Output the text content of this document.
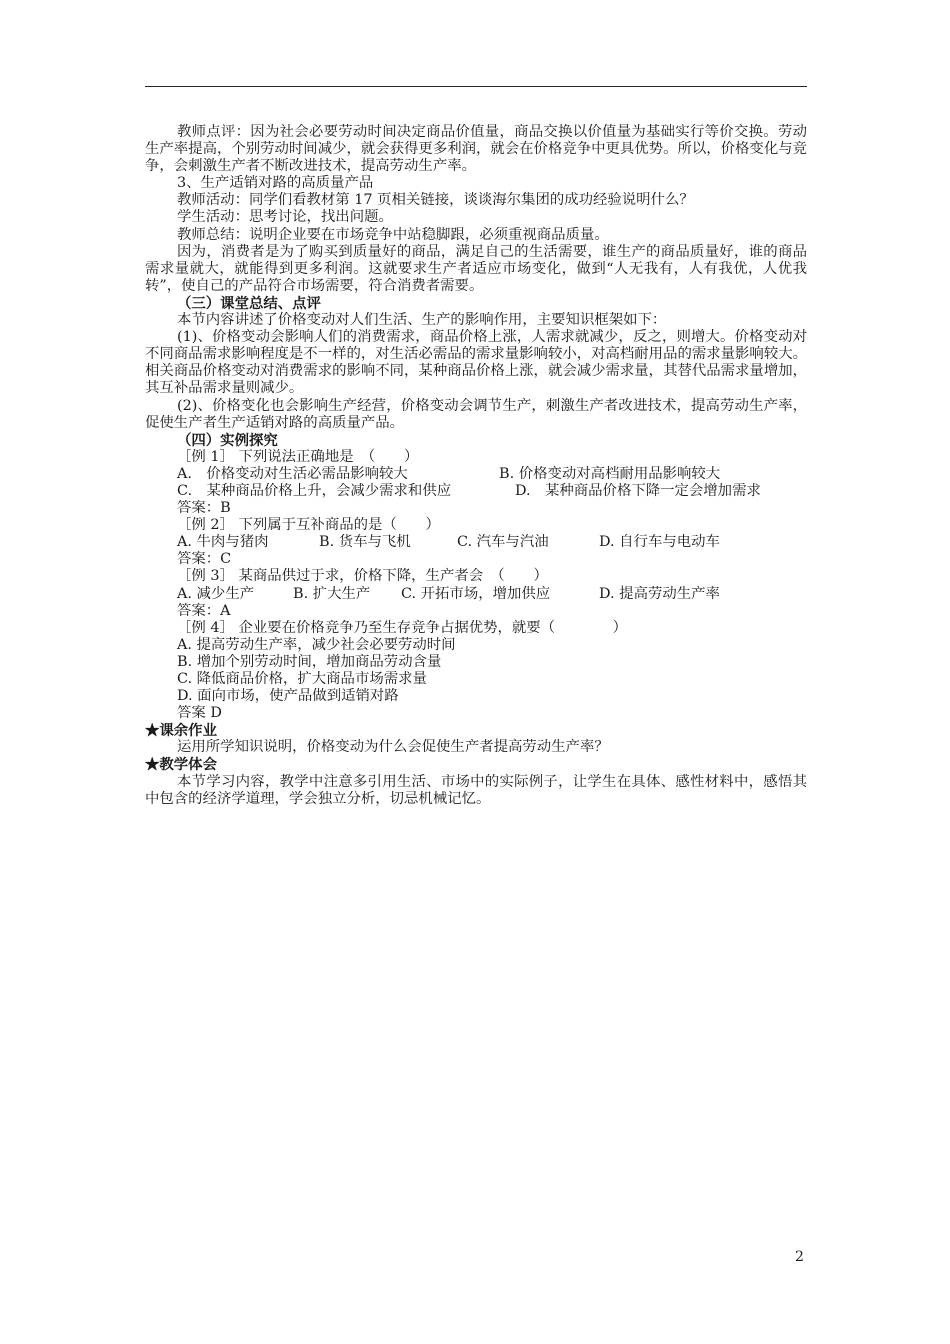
教师点评：因为社会必要劳动时间决定商品价值量，商品交换以价值量为基础实行等价交换。劳动生产率提高，个别劳动时间减少，就会获得更多利润，就会在价格竞争中更具优势。所以，价格变化与竞争，会刺激生产者不断改进技术，提高劳动生产率。

3、生产适销对路的高质量产品

教师活动：同学们看教材第 17 页相关链接，谈谈海尔集团的成功经验说明什么？

学生活动：思考讨论，找出问题。

教师总结：说明企业要在市场竞争中站稳脚跟，必须重视商品质量。

因为，消费者是为了购买到质量好的商品，满足自己的生活需要，谁生产的商品质量好，谁的商品需求量就大，就能得到更多利润。这就要求生产者适应市场变化，做到“人无我有，人有我优，人优我转”，使自己的产品符合市场需要，符合消费者需要。

（三）课堂总结、点评

本节内容讲述了价格变动对人们生活、生产的影响作用，主要知识框架如下：

(1)、价格变动会影响人们的消费需求，商品价格上涨，人需求就减少，反之，则增大。价格变动对不同商品需求影响程度是不一样的，对生活必需品的需求量影响较小，对高档耐用品的需求量影响较大。相关商品价格变动对消费需求的影响不同，某种商品价格上涨，就会减少需求量，其替代品需求量增加，其互补品需求量则减少。

(2)、价格变化也会影响生产经营，价格变动会调节生产，刺激生产者改进技术，提高劳动生产率，促使生产者生产适销对路的高质量产品。

（四）实例探究

［例 1］ 下列说法正确地是　（　　）

A.　价格变动对生活必需品影响较大	B. 价格变动对高档耐用品影响较大
C.　某种商品价格上升，会减少需求和供应	D.　某种商品价格下降一定会增加需求

答案：B

［例 2］ 下列属于互补商品的是（　　）

A. 牛肉与猪肉	B. 货车与飞机	C. 汽车与汽油	D. 自行车与电动车

答案：C

［例 3］ 某商品供过于求，价格下降，生产者会　（　　）

A. 减少生产	B. 扩大生产 C. 开拓市场，增加供应	D. 提高劳动生产率

答案：A

［例 4］ 企业要在价格竞争乃至生存竞争占据优势，就要（　　　　）

A. 提高劳动生产率，减少社会必要劳动时间

B. 增加个别劳动时间，增加商品劳动含量

C. 降低商品价格，扩大商品市场需求量

D. 面向市场，使产品做到适销对路

答案 D

★课余作业

运用所学知识说明，价格变动为什么会促使生产者提高劳动生产率？

★教学体会

本节学习内容，教学中注意多引用生活、市场中的实际例子，让学生在具体、感性材料中，感悟其中包含的经济学道理，学会独立分析，切忌机械记忆。

2
